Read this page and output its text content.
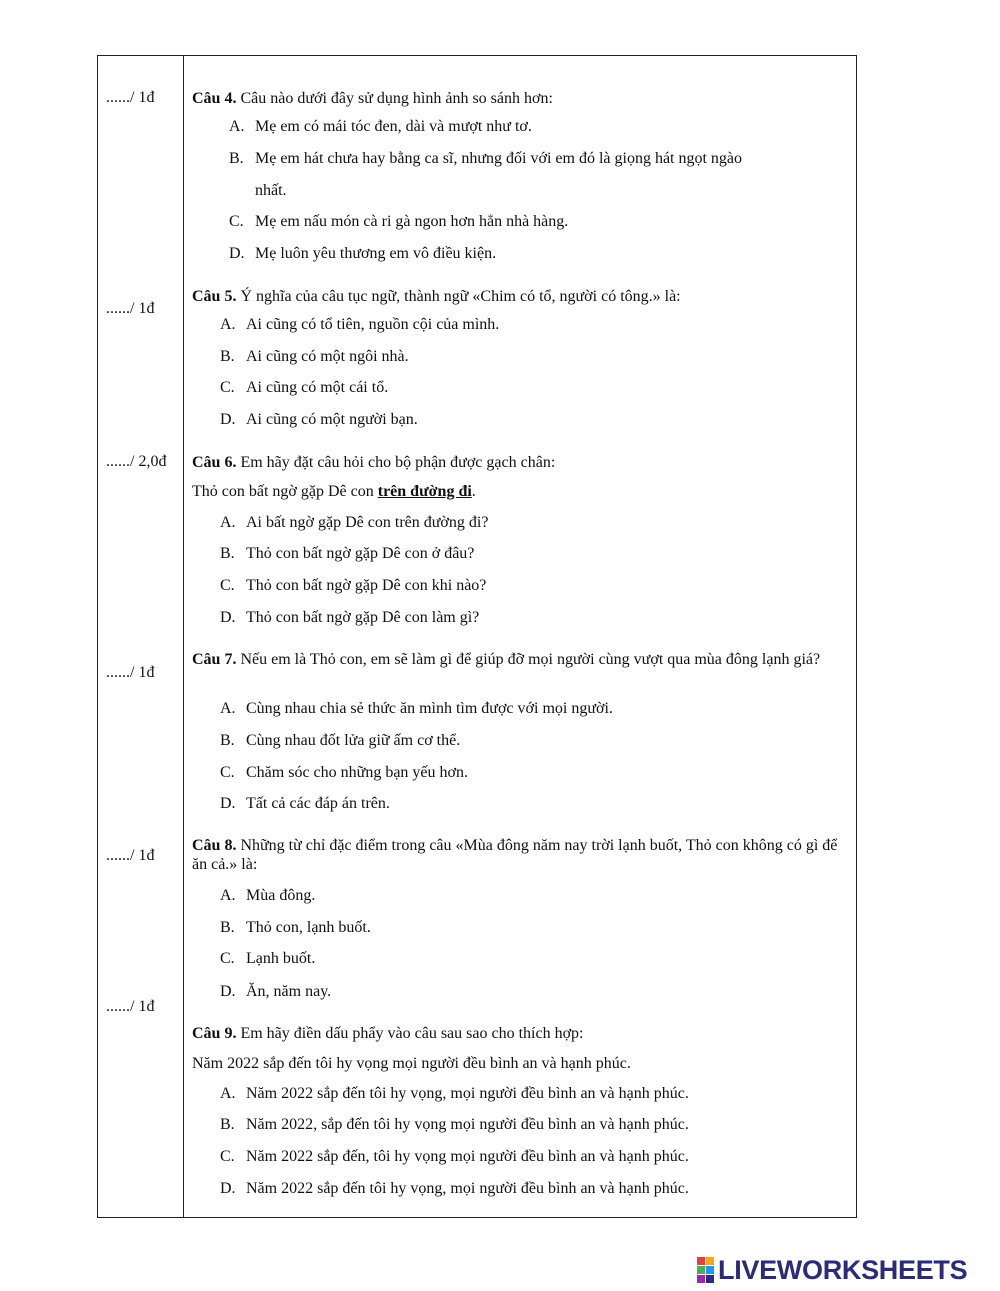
....../ 1đ
....../ 1đ
....../ 2,0đ
....../ 1đ
....../ 1đ
....../ 1đ
Câu 4. Câu nào dưới đây sử dụng hình ảnh so sánh hơn:
A. Mẹ em có mái tóc đen, dài và mượt như tơ.
B. Mẹ em hát chưa hay bằng ca sĩ, nhưng đối với em đó là giọng hát ngọt ngào
nhất.
C. Mẹ em nấu món cà ri gà ngon hơn hẳn nhà hàng.
D. Mẹ luôn yêu thương em vô điều kiện.
Câu 5. Ý nghĩa của câu tục ngữ, thành ngữ «Chim có tổ, người có tông.» là:
A. Ai cũng có tổ tiên, nguồn cội của mình.
B. Ai cũng có một ngôi nhà.
C. Ai cũng có một cái tổ.
D. Ai cũng có một người bạn.
Câu 6. Em hãy đặt câu hỏi cho bộ phận được gạch chân:
Thỏ con bất ngờ gặp Dê con trên đường đi.
A. Ai bất ngờ gặp Dê con trên đường đi?
B. Thỏ con bất ngờ gặp Dê con ở đâu?
C. Thỏ con bất ngờ gặp Dê con khi nào?
D. Thỏ con bất ngờ gặp Dê con làm gì?
Câu 7. Nếu em là Thỏ con, em sẽ làm gì để giúp đỡ mọi người cùng vượt qua mùa đông lạnh giá?
A. Cùng nhau chia sẻ thức ăn mình tìm được với mọi người.
B. Cùng nhau đốt lửa giữ ấm cơ thể.
C. Chăm sóc cho những bạn yếu hơn.
D. Tất cả các đáp án trên.
Câu 8. Những từ chỉ đặc điểm trong câu «Mùa đông năm nay trời lạnh buốt, Thỏ con không có gì để ăn cả.» là:
A. Mùa đông.
B. Thỏ con, lạnh buốt.
C. Lạnh buốt.
D. Ăn, năm nay.
Câu 9. Em hãy điền dấu phẩy vào câu sau sao cho thích hợp:
Năm 2022 sắp đến tôi hy vọng mọi người đều bình an và hạnh phúc.
A. Năm 2022 sắp đến tôi hy vọng, mọi người đều bình an và hạnh phúc.
B. Năm 2022, sắp đến tôi hy vọng mọi người đều bình an và hạnh phúc.
C. Năm 2022 sắp đến, tôi hy vọng mọi người đều bình an và hạnh phúc.
D. Năm 2022 sắp đến tôi hy vọng, mọi người đều bình an và hạnh phúc.
LIVEWORKSHEETS
